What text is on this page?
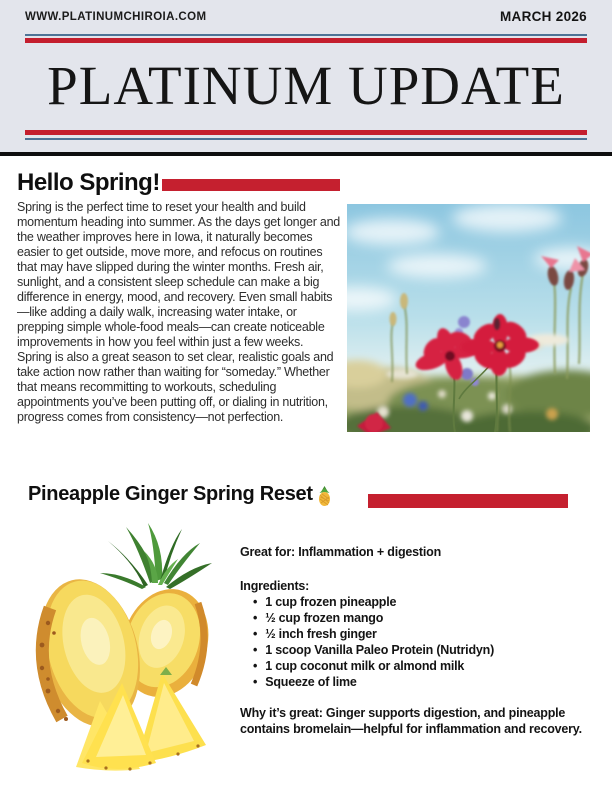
WWW.PLATINUMCHIROIA.COM	MARCH 2026
PLATINUM UPDATE
Hello Spring!

Spring is the perfect time to reset your health and build momentum heading into summer. As the days get longer and the weather improves here in Iowa, it naturally becomes easier to get outside, move more, and refocus on routines that may have slipped during the winter months. Fresh air, sunlight, and a consistent sleep schedule can make a big difference in energy, mood, and recovery. Even small habits—like adding a daily walk, increasing water intake, or prepping simple whole-food meals—can create noticeable improvements in how you feel within just a few weeks.

Spring is also a great season to set clear, realistic goals and take action now rather than waiting for “someday.” Whether that means recommitting to workouts, scheduling appointments you’ve been putting off, or dialing in nutrition, progress comes from consistency—not perfection.

Pineapple Ginger Spring Reset

Great for: Inflammation + digestion

Ingredients:

• 1 cup frozen pineapple
• ½ cup frozen mango
• ½ inch fresh ginger
• 1 scoop Vanilla Paleo Protein (Nutridyn)
• 1 cup coconut milk or almond milk
• Squeeze of lime

Why it’s great: Ginger supports digestion, and pineapple contains bromelain—helpful for inflammation and recovery.
